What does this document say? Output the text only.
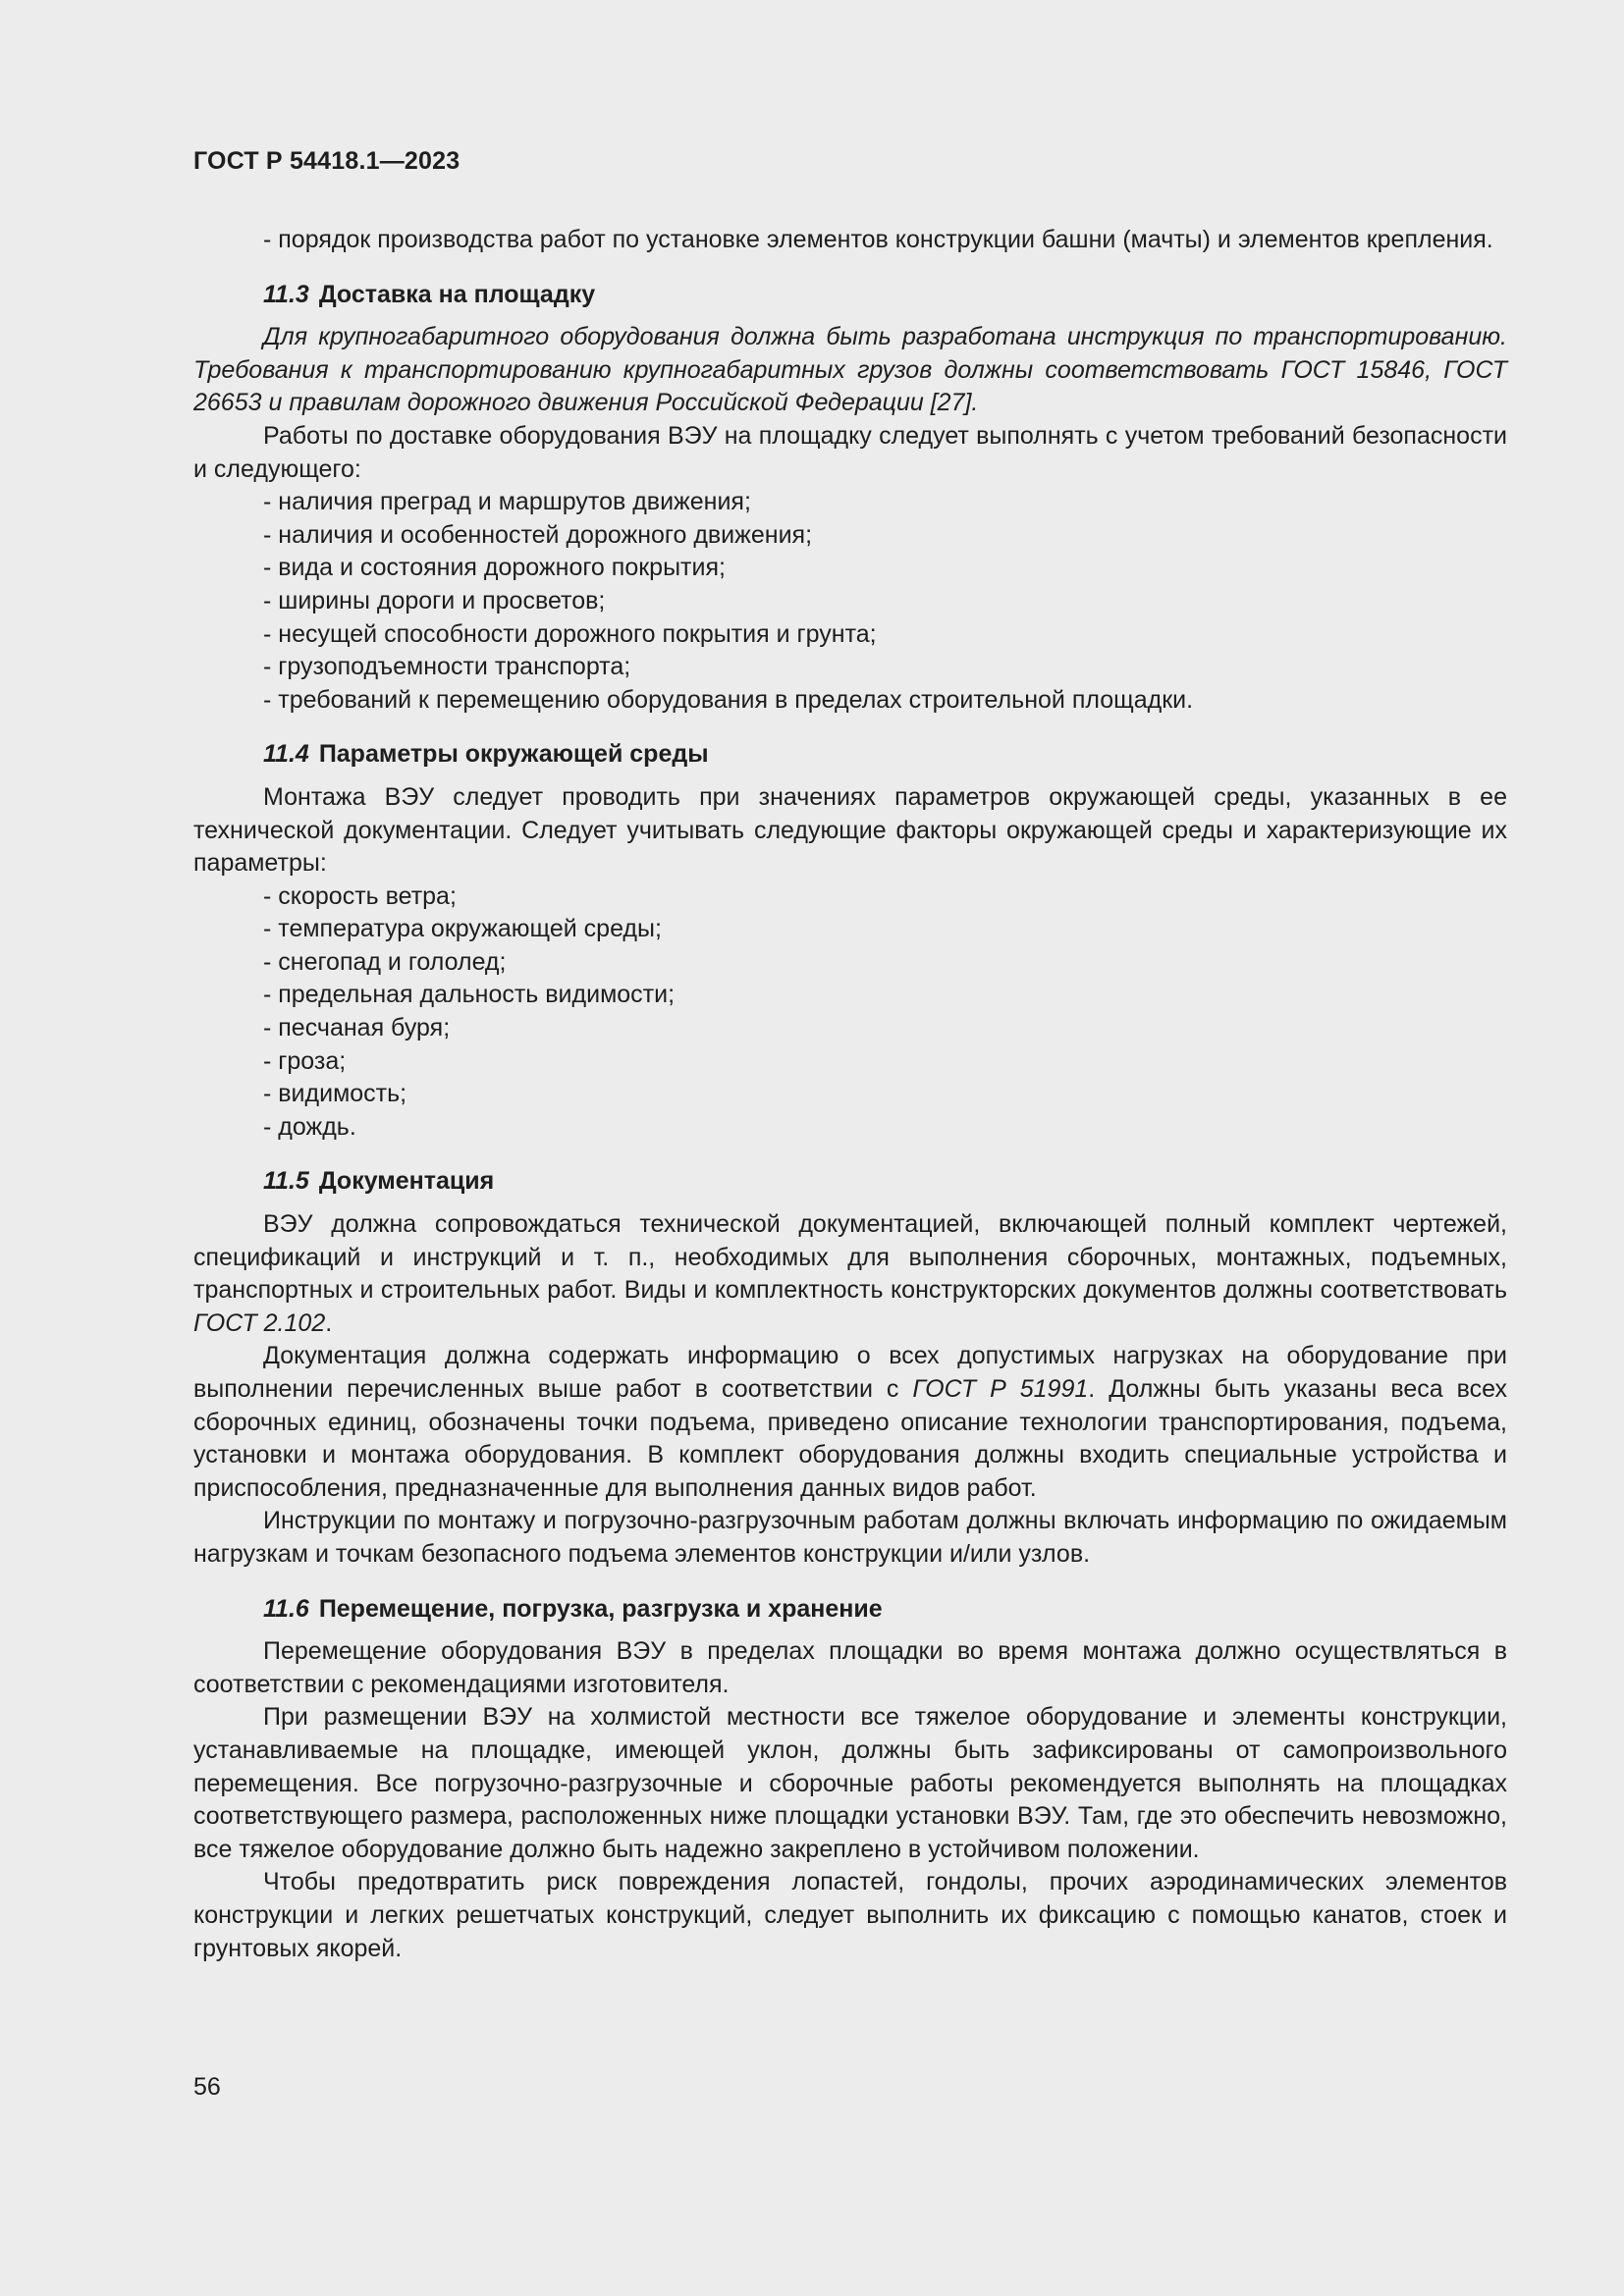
ГОСТ Р 54418.1—2023

- порядок производства работ по установке элементов конструкции башни (мачты) и элементов крепления.

11.3 Доставка на площадку

Для крупногабаритного оборудования должна быть разработана инструкция по транспортированию. Требования к транспортированию крупногабаритных грузов должны соответствовать ГОСТ 15846, ГОСТ 26653 и правилам дорожного движения Российской Федерации [27].

Работы по доставке оборудования ВЭУ на площадку следует выполнять с учетом требований безопасности и следующего:

- наличия преград и маршрутов движения;

- наличия и особенностей дорожного движения;

- вида и состояния дорожного покрытия;

- ширины дороги и просветов;

- несущей способности дорожного покрытия и грунта;

- грузоподъемности транспорта;

- требований к перемещению оборудования в пределах строительной площадки.

11.4 Параметры окружающей среды

Монтажа ВЭУ следует проводить при значениях параметров окружающей среды, указанных в ее технической документации. Следует учитывать следующие факторы окружающей среды и характеризующие их параметры:

- скорость ветра;

- температура окружающей среды;

- снегопад и гололед;

- предельная дальность видимости;

- песчаная буря;

- гроза;

- видимость;

- дождь.

11.5 Документация

ВЭУ должна сопровождаться технической документацией, включающей полный комплект чертежей, спецификаций и инструкций и т. п., необходимых для выполнения сборочных, монтажных, подъемных, транспортных и строительных работ. Виды и комплектность конструкторских документов должны соответствовать ГОСТ 2.102.

Документация должна содержать информацию о всех допустимых нагрузках на оборудование при выполнении перечисленных выше работ в соответствии с ГОСТ Р 51991. Должны быть указаны веса всех сборочных единиц, обозначены точки подъема, приведено описание технологии транспортирования, подъема, установки и монтажа оборудования. В комплект оборудования должны входить специальные устройства и приспособления, предназначенные для выполнения данных видов работ.

Инструкции по монтажу и погрузочно-разгрузочным работам должны включать информацию по ожидаемым нагрузкам и точкам безопасного подъема элементов конструкции и/или узлов.

11.6 Перемещение, погрузка, разгрузка и хранение

Перемещение оборудования ВЭУ в пределах площадки во время монтажа должно осуществляться в соответствии с рекомендациями изготовителя.

При размещении ВЭУ на холмистой местности все тяжелое оборудование и элементы конструкции, устанавливаемые на площадке, имеющей уклон, должны быть зафиксированы от самопроизвольного перемещения. Все погрузочно-разгрузочные и сборочные работы рекомендуется выполнять на площадках соответствующего размера, расположенных ниже площадки установки ВЭУ. Там, где это обеспечить невозможно, все тяжелое оборудование должно быть надежно закреплено в устойчивом положении.

Чтобы предотвратить риск повреждения лопастей, гондолы, прочих аэродинамических элементов конструкции и легких решетчатых конструкций, следует выполнить их фиксацию с помощью канатов, стоек и грунтовых якорей.

56
